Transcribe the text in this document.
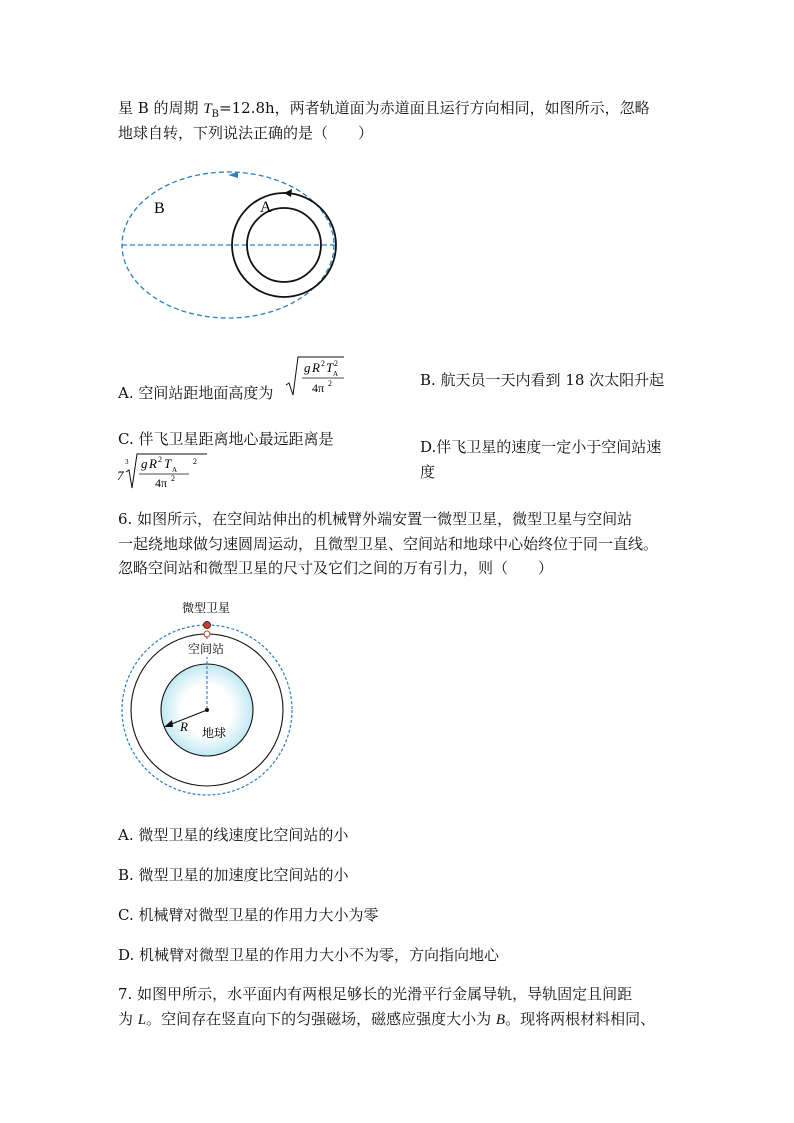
星 B 的周期 $T_B=12.8h$，两者轨道面为赤道面且运行方向相同，如图所示，忽略
地球自转，下列说法正确的是（　　）
A
B
A. 空间站距地面高度为
g R 2 T 2
A
4π 2	B. 航天员一天内看到 18 次太阳升起
C. 伴飞卫星距离地心最远距离是
7
3 g R 2 T A
2
4π 2
D.伴飞卫星的速度一定小于空间站速
度
6. 如图所示，在空间站伸出的机械臂外端安置一微型卫星，微型卫星与空间站
一起绕地球做匀速圆周运动，且微型卫星、空间站和地球中心始终位于同一直线。
忽略空间站和微型卫星的尺寸及它们之间的万有引力，则（　　）
微型卫星
空间站
R 地球
A. 微型卫星的线速度比空间站的小
B. 微型卫星的加速度比空间站的小
C. 机械臂对微型卫星的作用力大小为零
D. 机械臂对微型卫星的作用力大小不为零，方向指向地心
7. 如图甲所示，水平面内有两根足够长的光滑平行金属导轨，导轨固定且间距
为 L。空间存在竖直向下的匀强磁场，磁感应强度大小为 B。现将两根材料相同、
